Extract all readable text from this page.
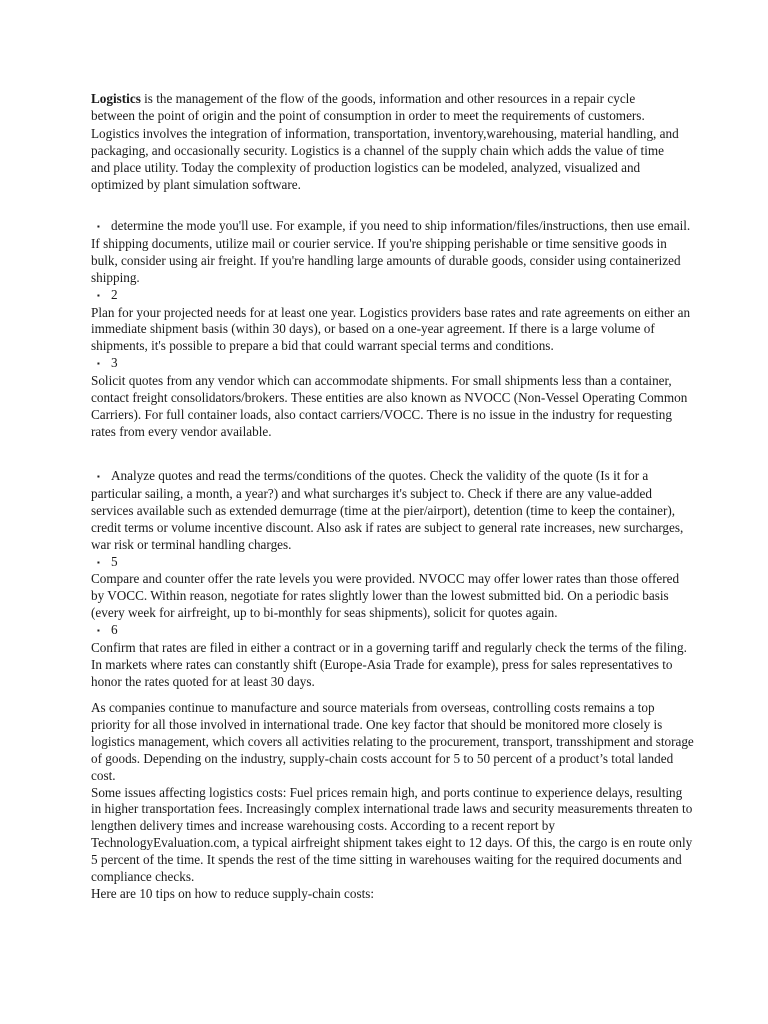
Logistics is the management of the flow of the goods, information and other resources in a repair cycle between the point of origin and the point of consumption in order to meet the requirements of customers. Logistics involves the integration of information, transportation, inventory,warehousing, material handling, and packaging, and occasionally security. Logistics is a channel of the supply chain which adds the value of time and place utility. Today the complexity of production logistics can be modeled, analyzed, visualized and optimized by plant simulation software.

▪ determine the mode you'll use. For example, if you need to ship information/files/instructions, then use email. If shipping documents, utilize mail or courier service. If you're shipping perishable or time sensitive goods in bulk, consider using air freight. If you're handling large amounts of durable goods, consider using containerized shipping.

▪ 2

Plan for your projected needs for at least one year. Logistics providers base rates and rate agreements on either an immediate shipment basis (within 30 days), or based on a one-year agreement. If there is a large volume of shipments, it's possible to prepare a bid that could warrant special terms and conditions.

▪ 3

Solicit quotes from any vendor which can accommodate shipments. For small shipments less than a container, contact freight consolidators/brokers. These entities are also known as NVOCC (Non-Vessel Operating Common Carriers). For full container loads, also contact carriers/VOCC. There is no issue in the industry for requesting rates from every vendor available.

▪ Analyze quotes and read the terms/conditions of the quotes. Check the validity of the quote (Is it for a particular sailing, a month, a year?) and what surcharges it's subject to. Check if there are any value-added services available such as extended demurrage (time at the pier/airport), detention (time to keep the container), credit terms or volume incentive discount. Also ask if rates are subject to general rate increases, new surcharges, war risk or terminal handling charges.

▪ 5

Compare and counter offer the rate levels you were provided. NVOCC may offer lower rates than those offered by VOCC. Within reason, negotiate for rates slightly lower than the lowest submitted bid. On a periodic basis (every week for airfreight, up to bi-monthly for seas shipments), solicit for quotes again.

▪ 6

Confirm that rates are filed in either a contract or in a governing tariff and regularly check the terms of the filing. In markets where rates can constantly shift (Europe-Asia Trade for example), press for sales representatives to honor the rates quoted for at least 30 days.

As companies continue to manufacture and source materials from overseas, controlling costs remains a top priority for all those involved in international trade. One key factor that should be monitored more closely is logistics management, which covers all activities relating to the procurement, transport, transshipment and storage of goods. Depending on the industry, supply-chain costs account for 5 to 50 percent of a product’s total landed cost.

Some issues affecting logistics costs: Fuel prices remain high, and ports continue to experience delays, resulting in higher transportation fees. Increasingly complex international trade laws and security measurements threaten to lengthen delivery times and increase warehousing costs. According to a recent report by TechnologyEvaluation.com, a typical airfreight shipment takes eight to 12 days. Of this, the cargo is en route only 5 percent of the time. It spends the rest of the time sitting in warehouses waiting for the required documents and compliance checks.

Here are 10 tips on how to reduce supply-chain costs:
